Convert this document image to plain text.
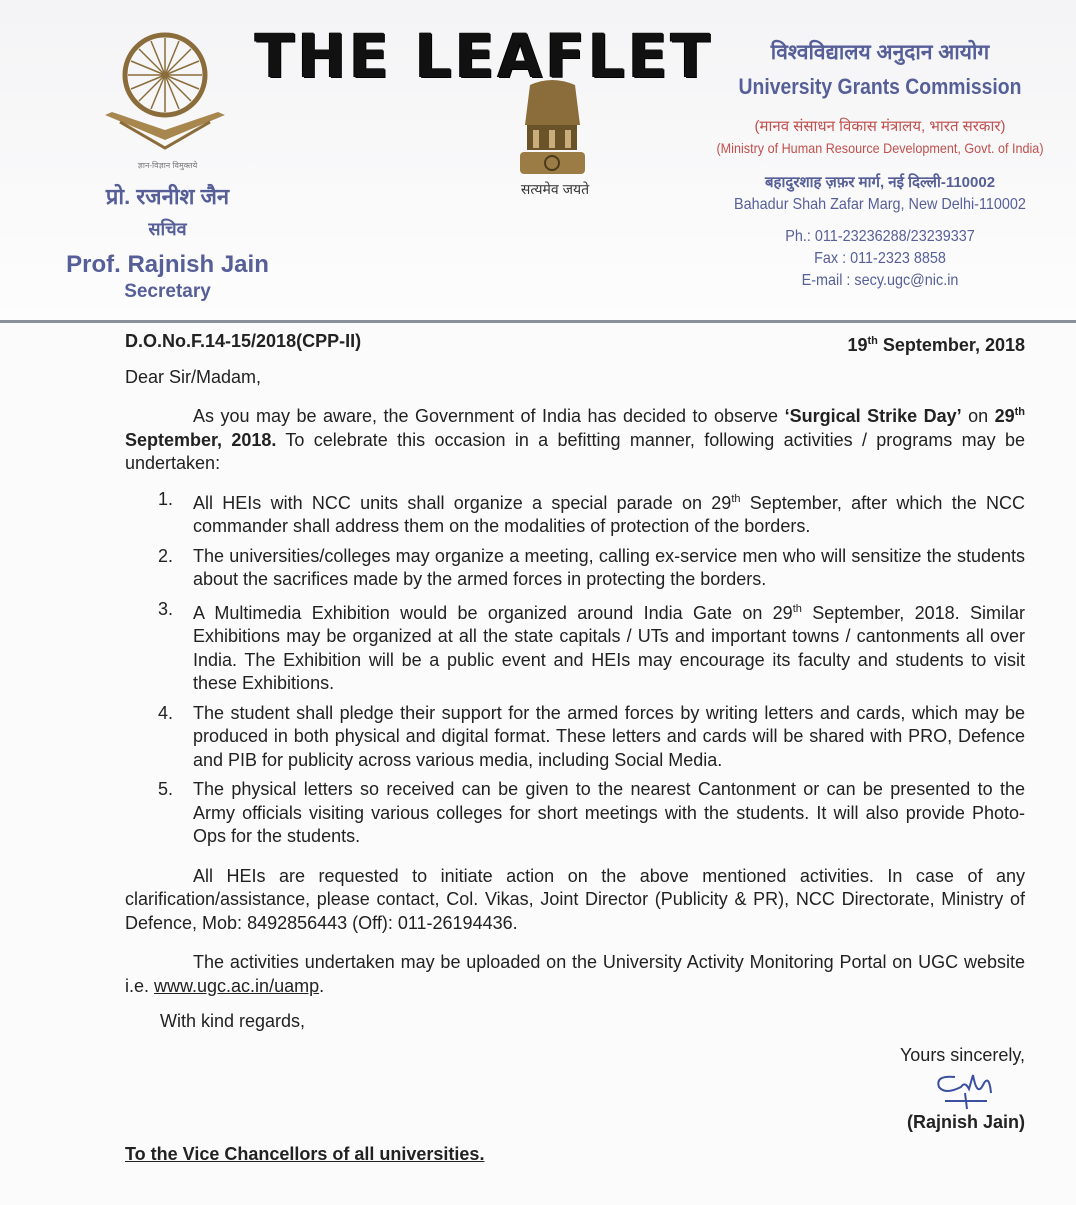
THE LEAFLET
सत्यमेव जयते
ज्ञान-विज्ञान विमुक्तये
प्रो. रजनीश जैन
सचिव
Prof. Rajnish Jain
Secretary
विश्वविद्यालय अनुदान आयोग
University Grants Commission
(मानव संसाधन विकास मंत्रालय, भारत सरकार)
(Ministry of Human Resource Development, Govt. of India)
बहादुरशाह ज़फ़र मार्ग, नई दिल्ली-110002
Bahadur Shah Zafar Marg, New Delhi-110002
Ph.: 011-23236288/23239337
Fax : 011-2323 8858
E-mail : secy.ugc@nic.in
D.O.No.F.14-15/2018(CPP-II)	19th September, 2018
Dear Sir/Madam,

As you may be aware, the Government of India has decided to observe ‘Surgical Strike Day’ on 29th September, 2018. To celebrate this occasion in a befitting manner, following activities / programs may be undertaken:

1.	All HEIs with NCC units shall organize a special parade on 29th September, after which the NCC commander shall address them on the modalities of protection of the borders.
2.	The universities/colleges may organize a meeting, calling ex-service men who will sensitize the students about the sacrifices made by the armed forces in protecting the borders.
3.	A Multimedia Exhibition would be organized around India Gate on 29th September, 2018. Similar Exhibitions may be organized at all the state capitals / UTs and important towns / cantonments all over India. The Exhibition will be a public event and HEIs may encourage its faculty and students to visit these Exhibitions.
4.	The student shall pledge their support for the armed forces by writing letters and cards, which may be produced in both physical and digital format. These letters and cards will be shared with PRO, Defence and PIB for publicity across various media, including Social Media.
5.	The physical letters so received can be given to the nearest Cantonment or can be presented to the Army officials visiting various colleges for short meetings with the students. It will also provide Photo-Ops for the students.

All HEIs are requested to initiate action on the above mentioned activities. In case of any clarification/assistance, please contact, Col. Vikas, Joint Director (Publicity & PR), NCC Directorate, Ministry of Defence, Mob: 8492856443 (Off): 011-26194436.

The activities undertaken may be uploaded on the University Activity Monitoring Portal on UGC website i.e. www.ugc.ac.in/uamp.

With kind regards,
Yours sincerely,
(Rajnish Jain)
To the Vice Chancellors of all universities.
